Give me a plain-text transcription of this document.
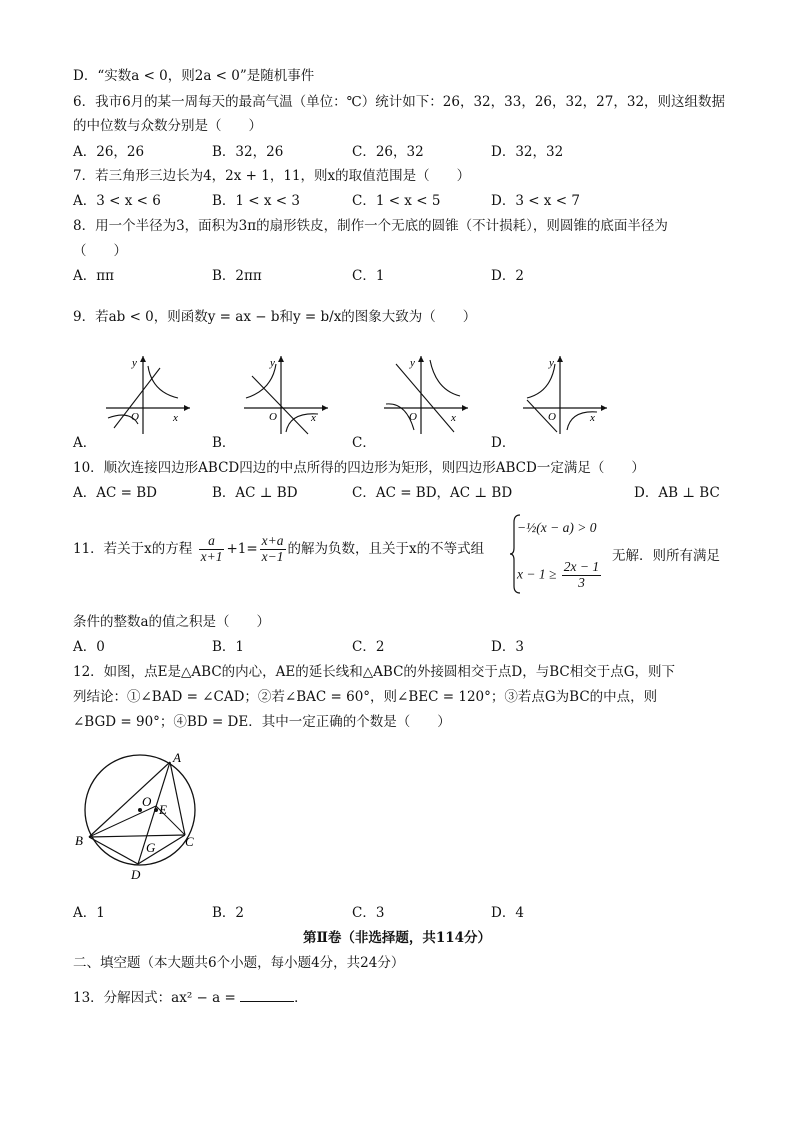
D．“实数a < 0，则2a < 0”是随机事件
6．我市6月的某一周每天的最高气温（单位：℃）统计如下：26，32，33，26，32，27，32，则这组数据
的中位数与众数分别是（　　）
A．26，26	B．32，26	C．26，32	D．32，32
7．若三角形三边长为4，2x + 1，11，则x的取值范围是（　　）
A．3 < x < 6	B．1 < x < 3	C．1 < x < 5	D．3 < x < 7
8．用一个半径为3，面积为3π的扇形铁皮，制作一个无底的圆锥（不计损耗），则圆锥的底面半径为
（　　）
A．ππ	B．2ππ	C．1	D．2
9．若ab < 0，则函数y = ax − b和y = b/x的图象大致为（　　）
y
x
O
y
x
O
y
x
O
y
x
O
A．	B．	C．	D．
10．顺次连接四边形ABCD四边的中点所得的四边形为矩形，则四边形ABCD一定满足（　　）
A．AC = BD	B．AC ⊥ BD	C．AC = BD，AC ⊥ BD	D．AB ⊥ BC
11．若关于x的方程 $\frac{a}{x+1} +1= \frac{x+a}{x-1}$ 的解为负数，且关于x的不等式组
−½(x − a) > 0
$x - 1 \ge \frac{2x - 1}{3}$
无解．则所有满足
条件的整数a的值之积是（　　）
A．0	B．1	C．2	D．3
12．如图，点E是△ABC的内心，AE的延长线和△ABC的外接圆相交于点D，与BC相交于点G，则下
列结论：①∠BAD = ∠CAD；②若∠BAC = 60°，则∠BEC = 120°；③若点G为BC的中点，则
∠BGD = 90°；④BD = DE．其中一定正确的个数是（　　）
A
B	C
D
E
G
O
A．1	B．2	C．3	D．4
第Ⅱ卷（非选择题，共114分）
二、填空题（本大题共6个小题，每小题4分，共24分）
13．分解因式：ax² − a =	．
